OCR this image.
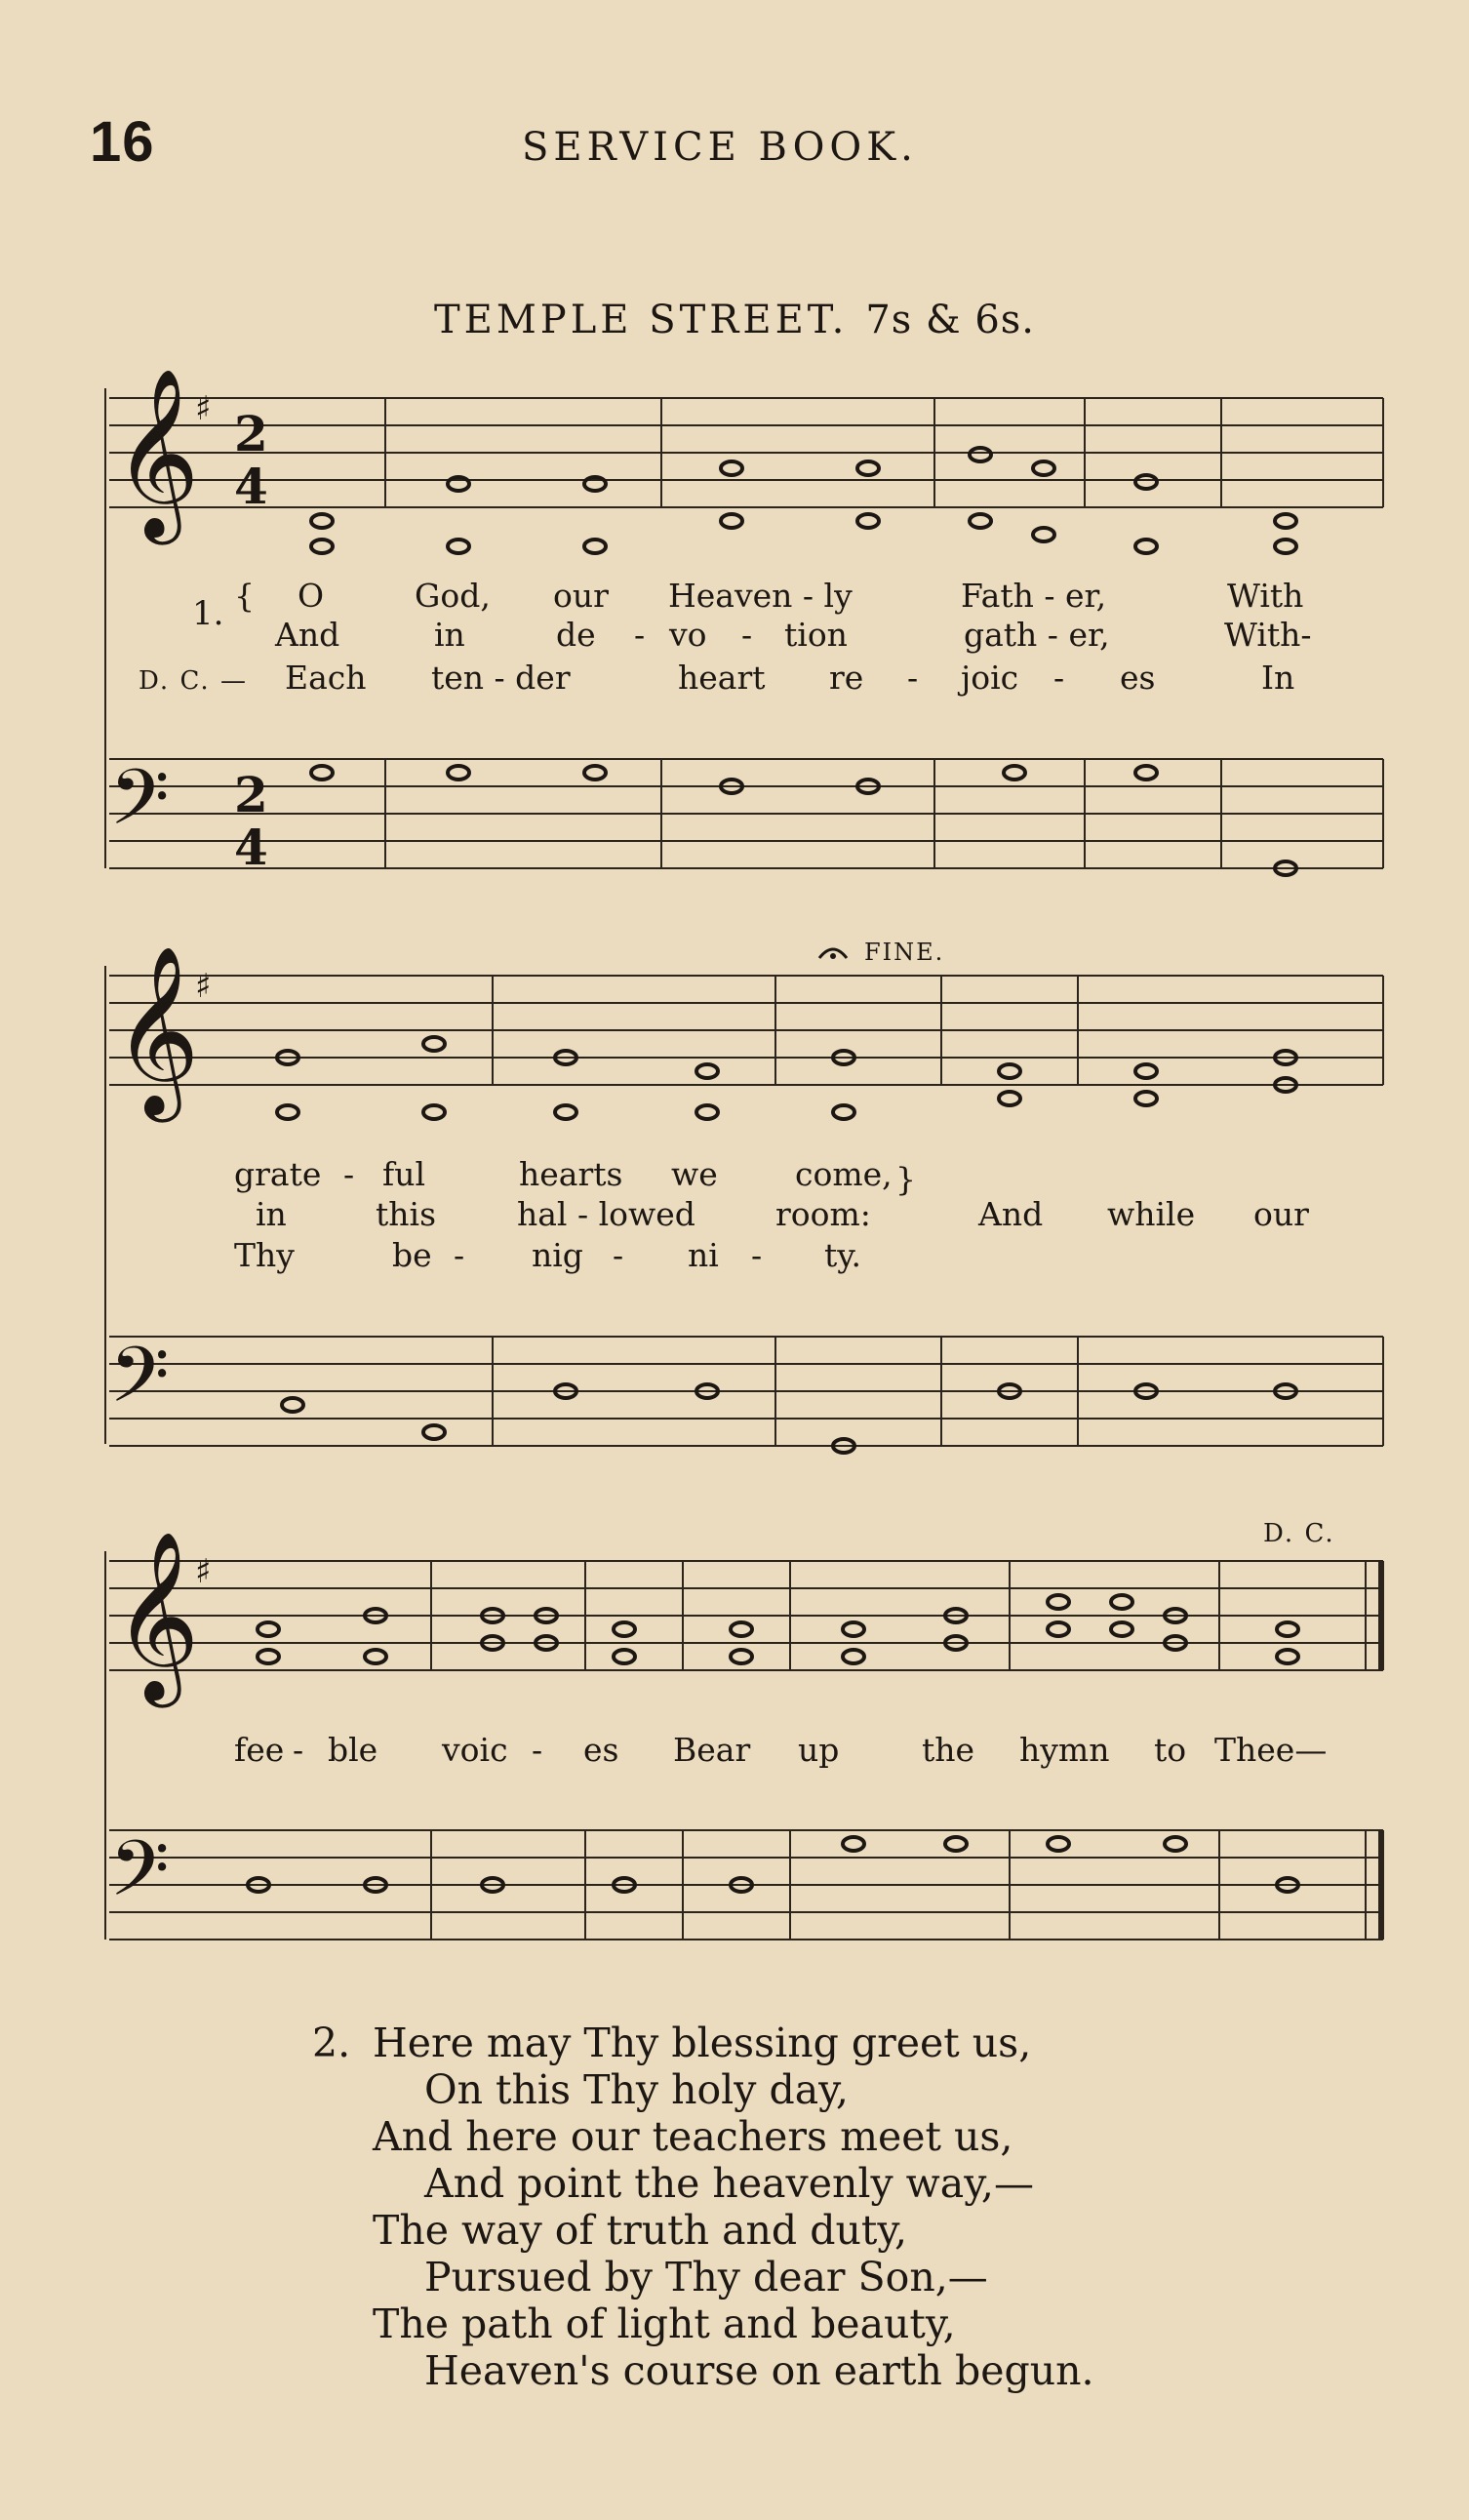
16	SERVICE BOOK.
TEMPLE STREET. 7s & 6s.
𝄞
♯ 2
4
1. { O	God, our Heaven - ly	Fath - er,	With
And	in	de - vo - tion	gath - er,	With-
D. C. — Each ten - der	heart re - joic - es	In
𝄢 2
4
𝄞
♯
FINE.
grate - ful	hearts we come, }
in	this	hal - lowed room:	And while our
Thy	be - nig - ni - ty.
𝄢
𝄞
♯
D. C.
fee - ble voic - es Bear up	the hymn to Thee—
𝄢
2. Here may Thy blessing greet us,
On this Thy holy day,
And here our teachers meet us,
And point the heavenly way,—
The way of truth and duty,
Pursued by Thy dear Son,—
The path of light and beauty,
Heaven's course on earth begun.
